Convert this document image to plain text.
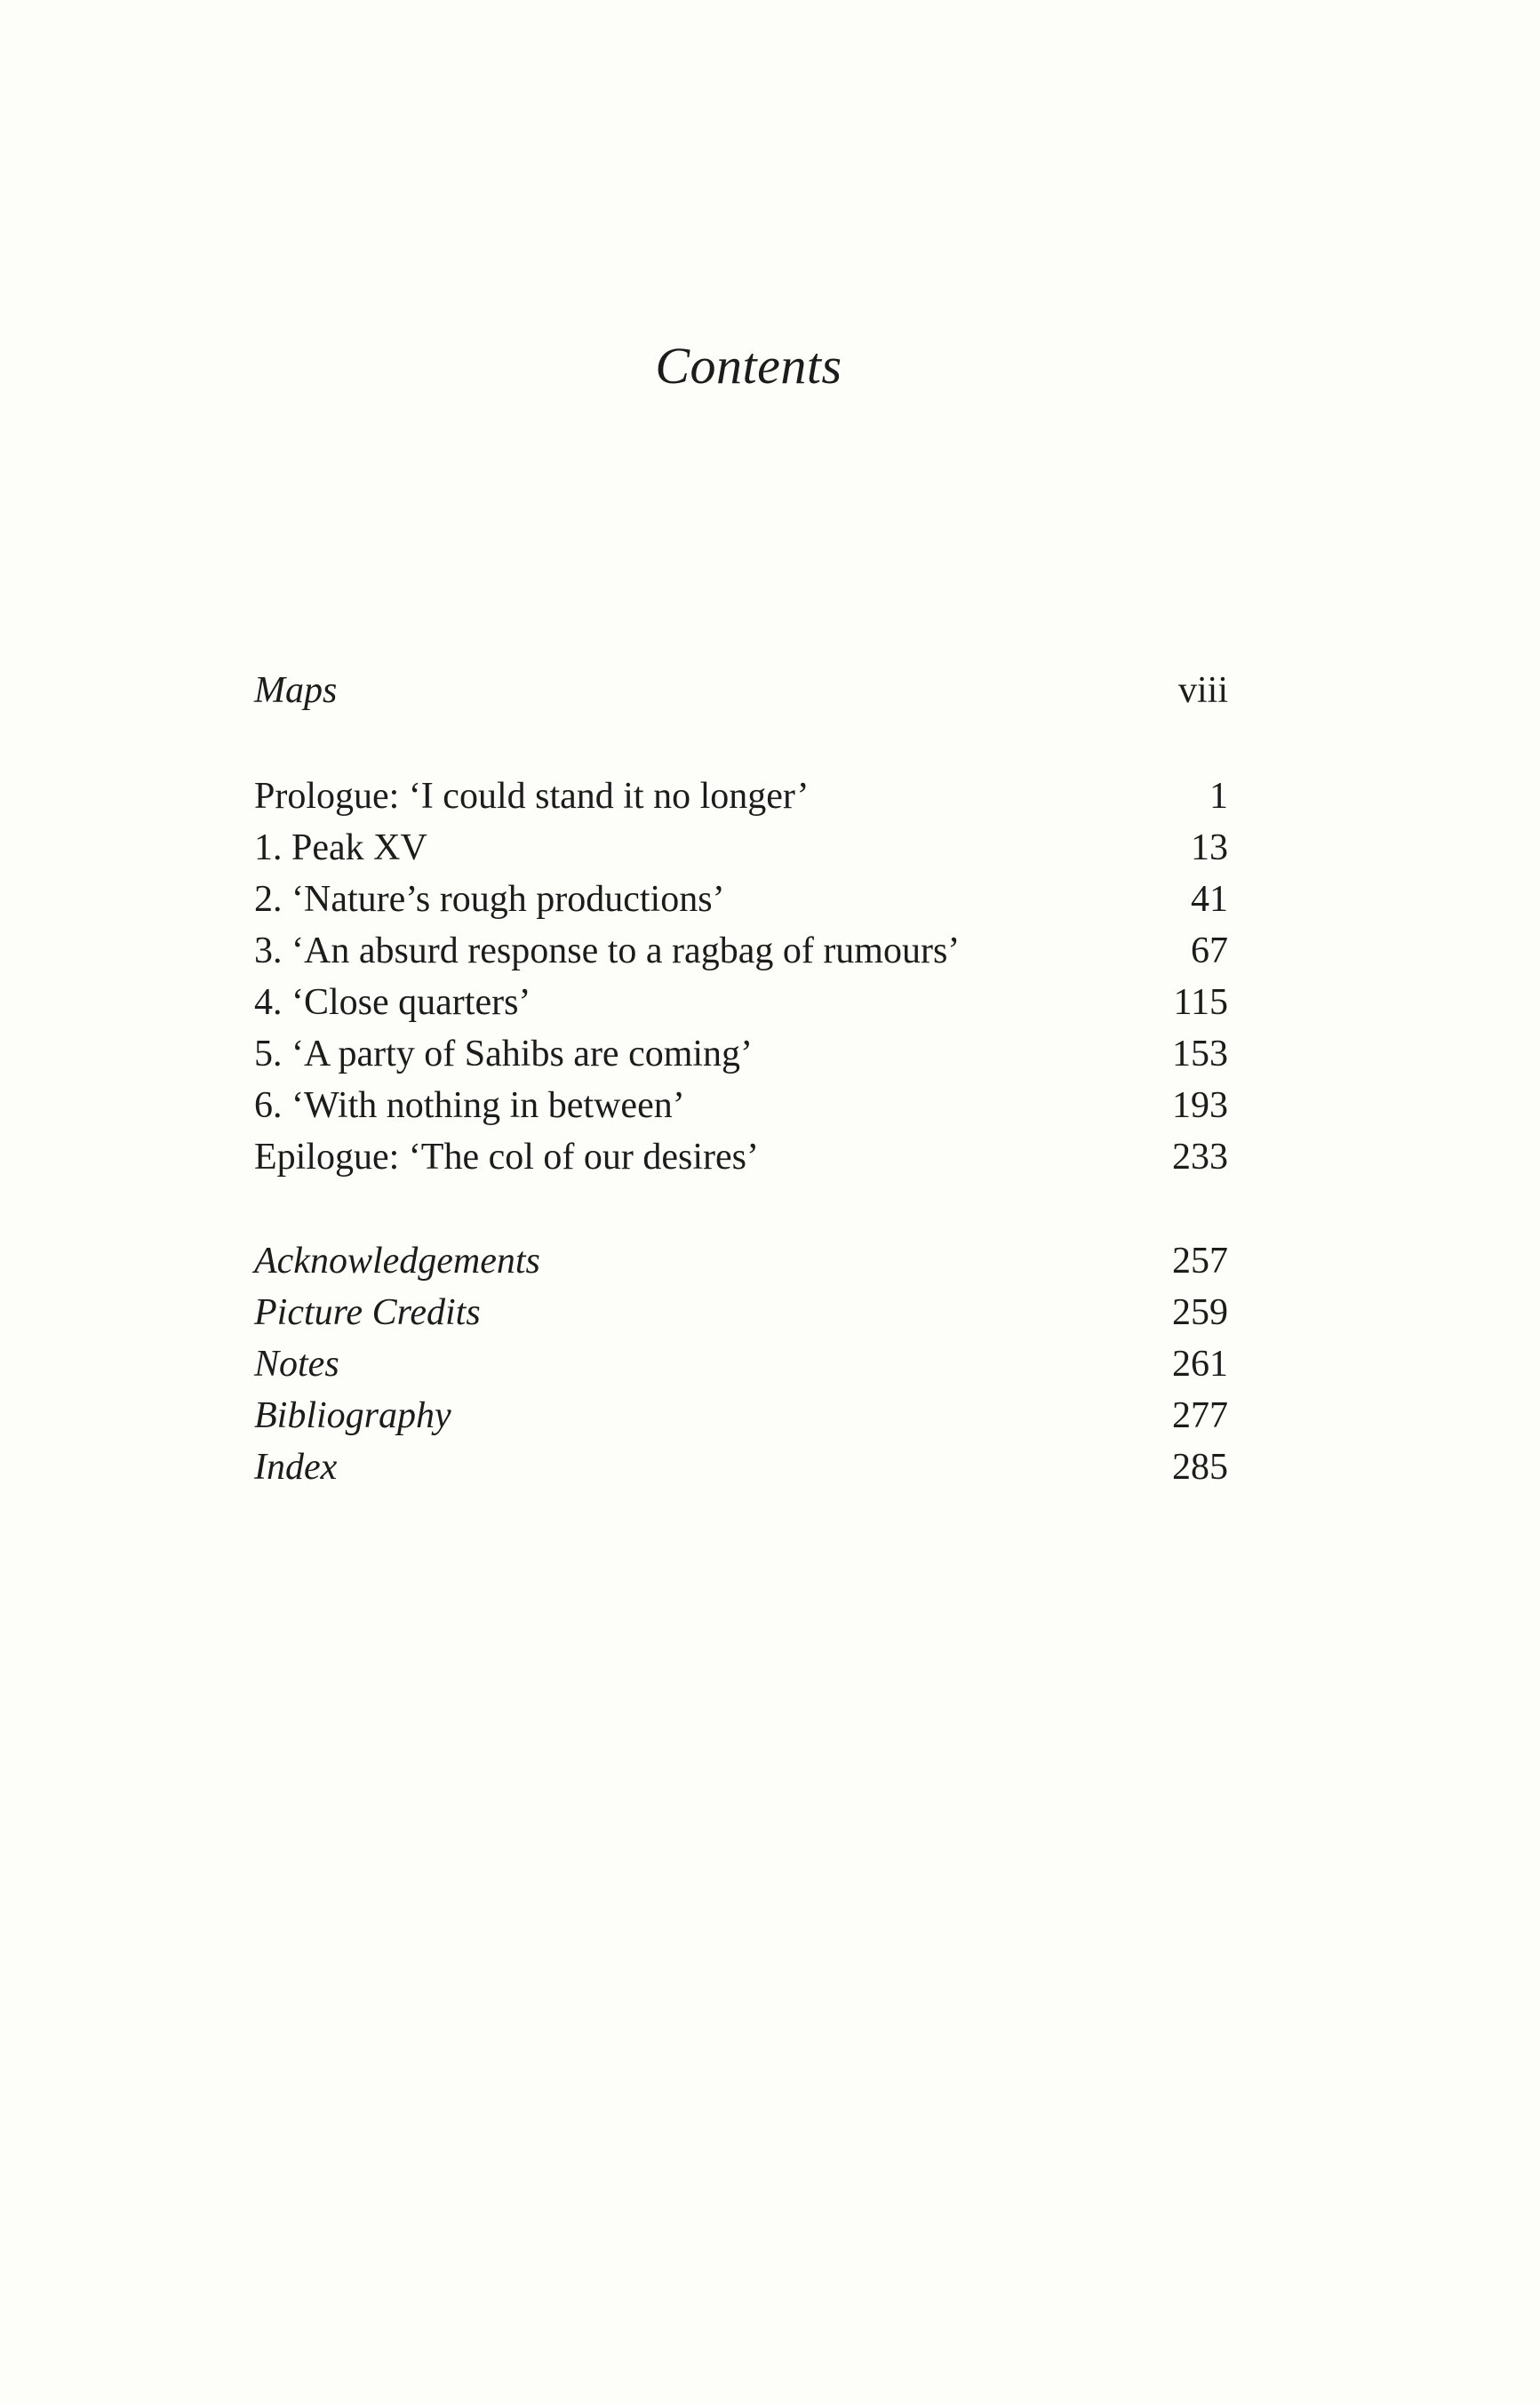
Contents
Maps	viii
Prologue: ‘I could stand it no longer’	1
1. Peak XV	13
2. ‘Nature’s rough productions’	41
3. ‘An absurd response to a ragbag of rumours’	67
4. ‘Close quarters’	115
5. ‘A party of Sahibs are coming’	153
6. ‘With nothing in between’	193
Epilogue: ‘The col of our desires’	233
Acknowledgements	257
Picture Credits	259
Notes	261
Bibliography	277
Index	285
